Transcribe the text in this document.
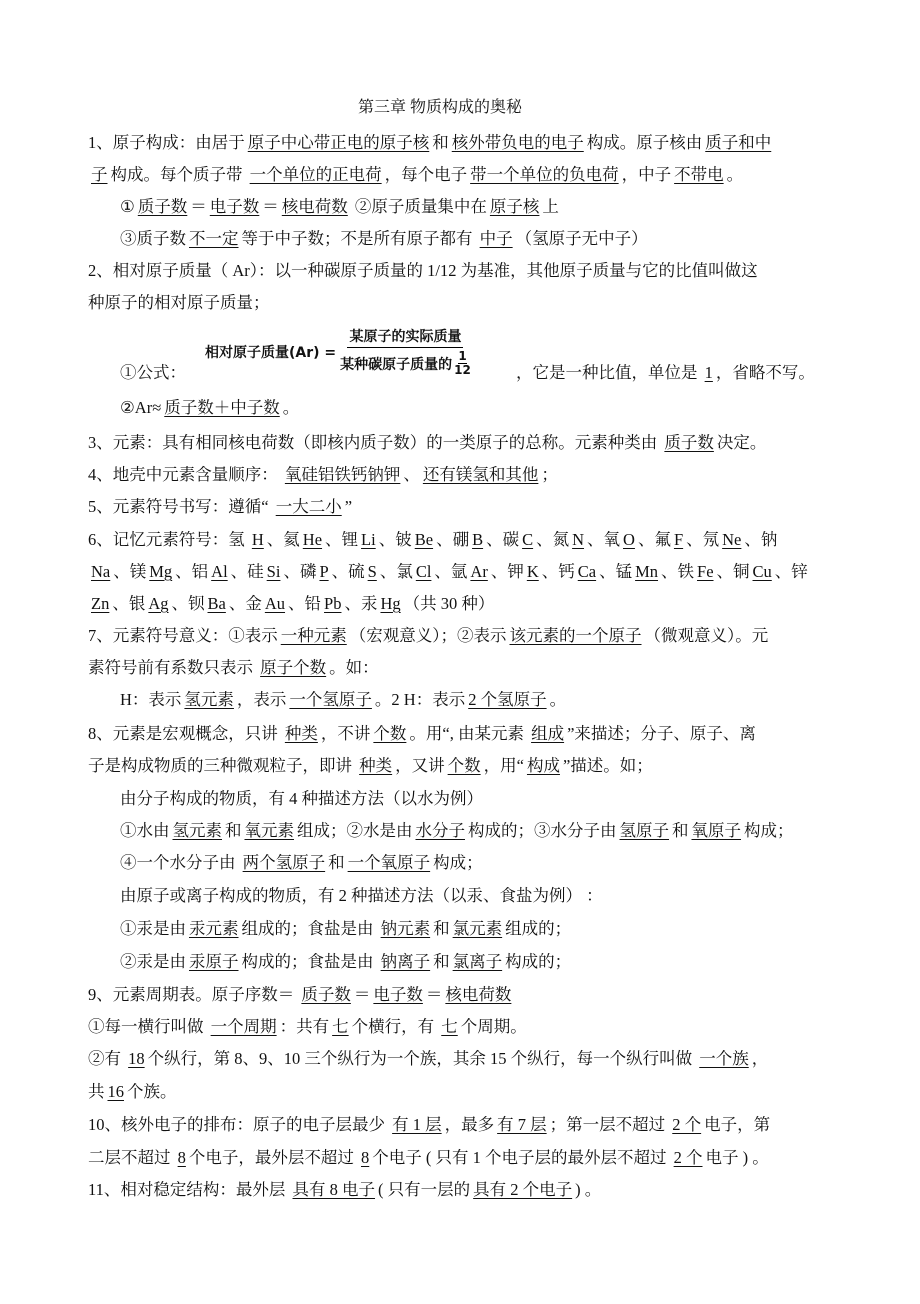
第三章 物质构成的奥秘
相对原子质量$(Ar) = \frac{\text{某原子的实际质量}}{某种碳原子质量的 \frac{1}{12}}$
1、原子构成：由居于 原子中心带正电的原子核 和 核外带负电的电子 构成。原子核由 质子和中
子 构成。每个质子带 一个单位的正电荷 ，每个电子 带一个单位的负电荷 ，中子 不带电 。
① 质子数 ＝ 电子数 ＝ 核电荷数 ②原子质量集中在 原子核 上
③质子数 不一定 等于中子数；不是所有原子都有 中子 （氢原子无中子）
2、相对原子质量（ Ar）：以一种碳原子质量的 1/12 为基准，其他原子质量与它的比值叫做这
种原子的相对原子质量；
①公式：	，它是一种比值，单位是 1 ，省略不写。
②Ar≈ 质子数＋中子数 。
3、元素：具有相同核电荷数（即核内质子数）的一类原子的总称。元素种类由 质子数 决定。
4、地壳中元素含量顺序： 氧硅铝铁钙钠钾 、 还有镁氢和其他 ；
5、元素符号书写：遵循“ 一大二小 ”
6、记忆元素符号：氢 H 、氦 He 、锂 Li 、铍 Be 、硼 B 、碳 C 、氮 N 、氧 O 、氟 F 、氖 Ne 、钠
Na 、镁 Mg 、铝 Al 、硅 Si 、磷 P 、硫 S 、氯 Cl 、氩 Ar 、钾 K 、钙 Ca 、锰 Mn 、铁 Fe 、铜 Cu 、锌
Zn 、银 Ag 、钡 Ba 、金 Au 、铅 Pb 、汞 Hg （共 30 种）
7、元素符号意义：①表示 一种元素 （宏观意义）；②表示 该元素的一个原子 （微观意义）。元
素符号前有系数只表示 原子个数 。如：
H：表示 氢元素 ，表示 一个氢原子 。2 H：表示 2 个氢原子 。
8、元素是宏观概念，只讲 种类 ，不讲 个数 。用“, 由某元素 组成 ”来描述；分子、原子、离
子是构成物质的三种微观粒子，即讲 种类 ，又讲 个数 ，用“ 构成 ”描述。如；
由分子构成的物质，有 4 种描述方法（以水为例）
①水由 氢元素 和 氧元素 组成；②水是由 水分子 构成的；③水分子由 氢原子 和 氧原子 构成；
④一个水分子由 两个氢原子 和 一个氧原子 构成；
由原子或离子构成的物质，有 2 种描述方法（以汞、食盐为例） ：
①汞是由 汞元素 组成的；食盐是由 钠元素 和 氯元素 组成的；
②汞是由 汞原子 构成的；食盐是由 钠离子 和 氯离子 构成的；
9、元素周期表。原子序数＝ 质子数 ＝ 电子数 ＝ 核电荷数
①每一横行叫做 一个周期 ：共有 七 个横行，有 七 个周期。
②有 18 个纵行，第 8、9、10 三个纵行为一个族，其余 15 个纵行，每一个纵行叫做 一个族 ，
共 16 个族。
10、核外电子的排布：原子的电子层最少 有 1 层 ，最多 有 7 层 ；第一层不超过 2 个 电子，第
二层不超过 8 个电子，最外层不超过 8 个电子 ( 只有 1 个电子层的最外层不超过 2 个 电子 ) 。
11、相对稳定结构：最外层 具有 8 电子 ( 只有一层的 具有 2 个电子 ) 。
